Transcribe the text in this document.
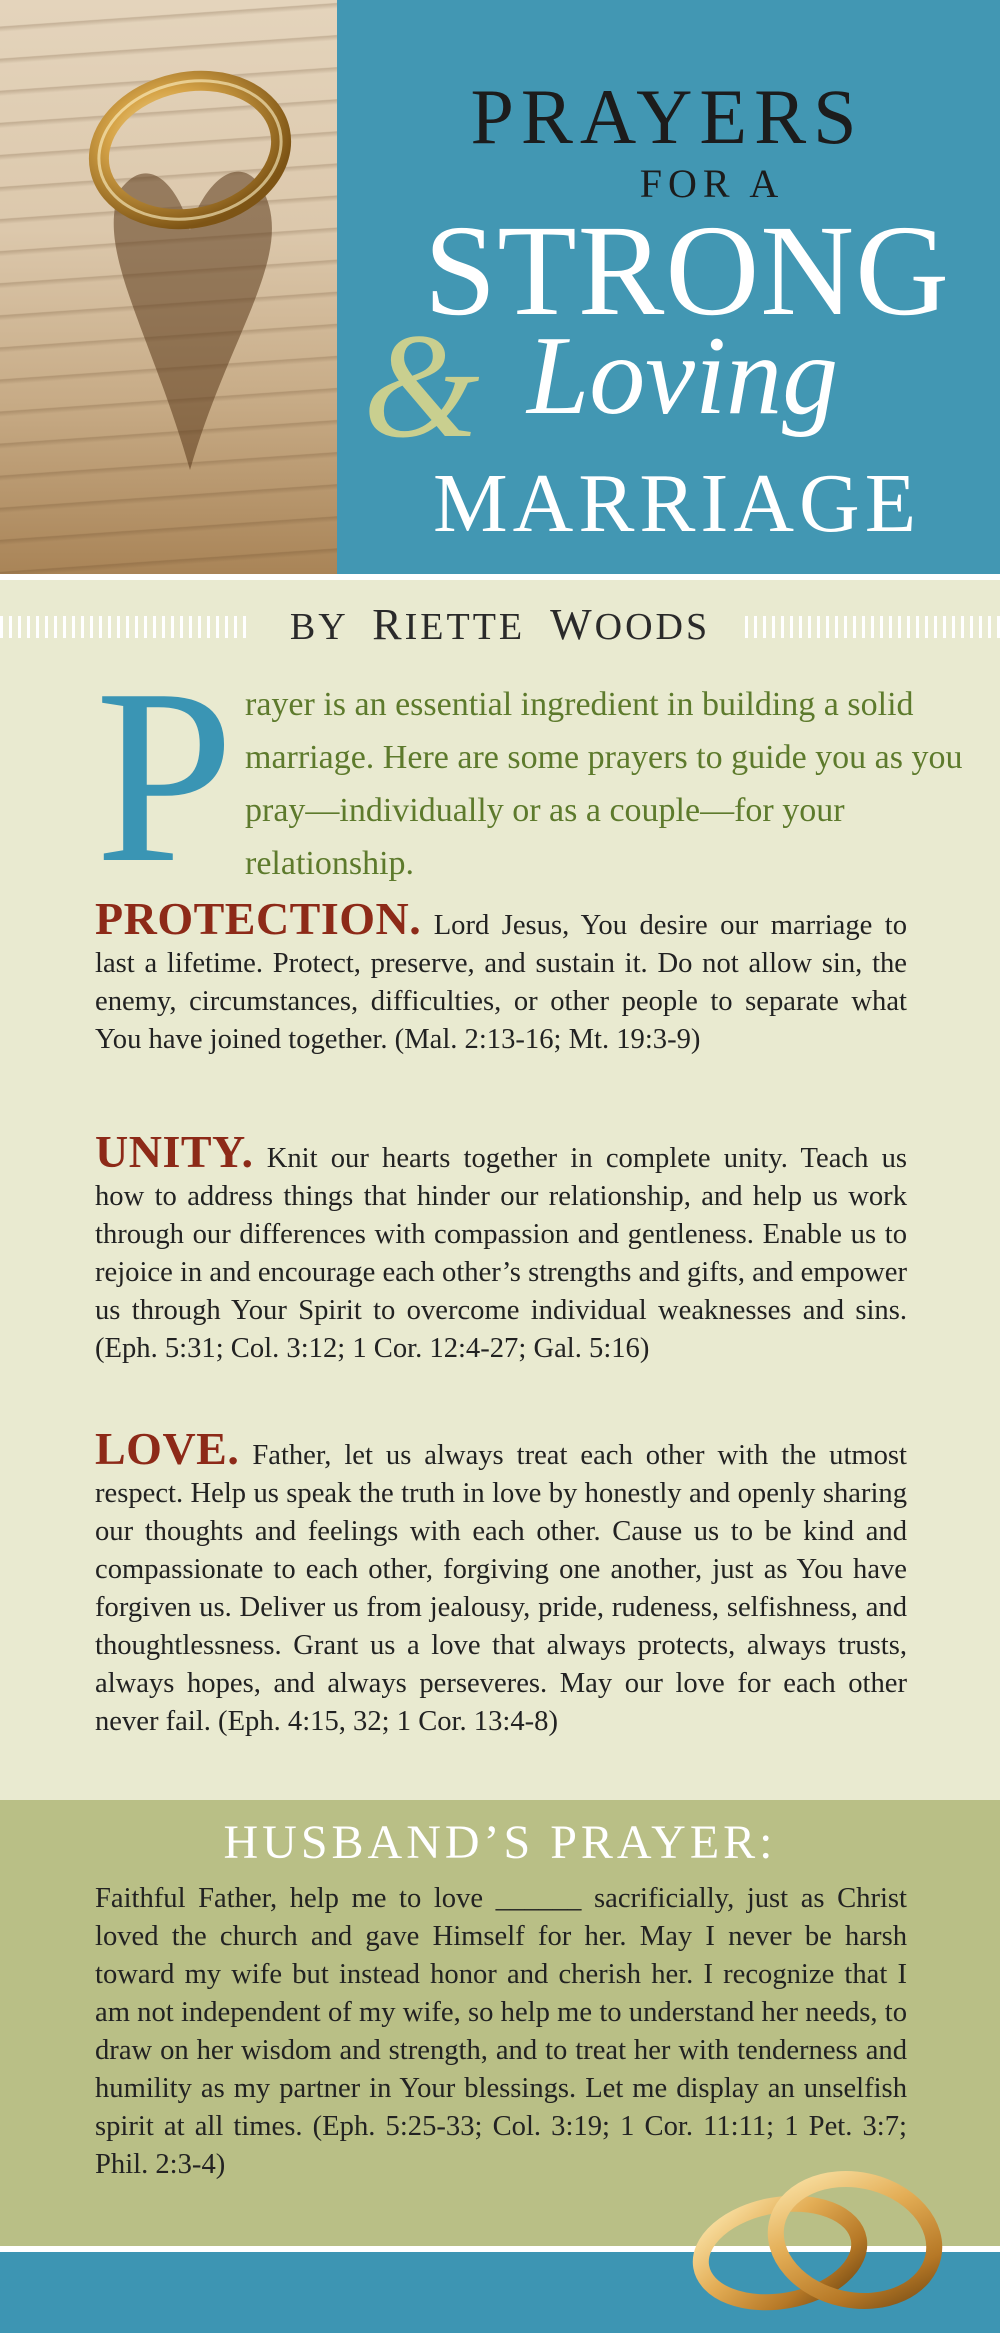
PRAYERS
FOR A
STRONG
& Loving
MARRIAGE
BY RIETTE WOODS
P rayer is an essential ingredient in building a solid marriage. Here are some prayers to guide you as you pray—individually or as a couple—for your relationship.
PROTECTION. Lord Jesus, You desire our marriage to last a lifetime. Protect, preserve, and sustain it. Do not allow sin, the enemy, circumstances, difficulties, or other people to separate what You have joined together. (Mal. 2:13-16; Mt. 19:3-9)
UNITY. Knit our hearts together in complete unity. Teach us how to address things that hinder our relationship, and help us work through our differences with compassion and gentleness. Enable us to rejoice in and encourage each other’s strengths and gifts, and empower us through Your Spirit to overcome individual weaknesses and sins. (Eph. 5:31; Col. 3:12; 1 Cor. 12:4-27; Gal. 5:16)
LOVE. Father, let us always treat each other with the utmost respect. Help us speak the truth in love by honestly and openly sharing our thoughts and feelings with each other. Cause us to be kind and compassionate to each other, forgiving one another, just as You have forgiven us. Deliver us from jealousy, pride, rudeness, selfishness, and thoughtlessness. Grant us a love that always protects, always trusts, always hopes, and always perseveres. May our love for each other never fail. (Eph. 4:15, 32; 1 Cor. 13:4-8)
HUSBAND’S PRAYER:
Faithful Father, help me to love ______ sacrificially, just as Christ loved the church and gave Himself for her. May I never be harsh toward my wife but instead honor and cherish her. I recognize that I am not independent of my wife, so help me to understand her needs, to draw on her wisdom and strength, and to treat her with tenderness and humility as my partner in Your blessings. Let me display an unselfish spirit at all times. (Eph. 5:25-33; Col. 3:19; 1 Cor. 11:11; 1 Pet. 3:7; Phil. 2:3-4)
